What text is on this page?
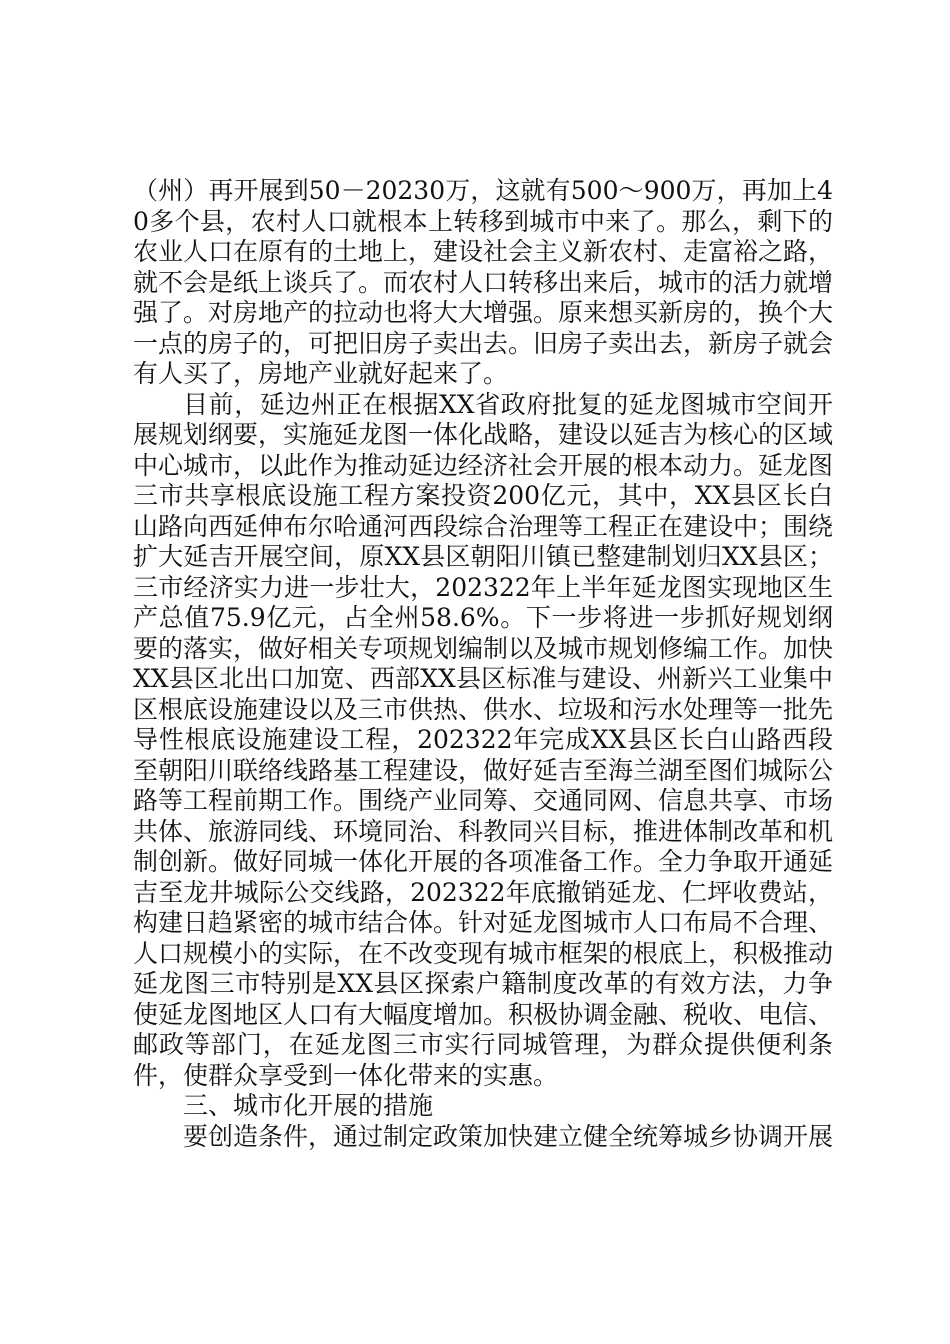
（州）再开展到50－20230万，这就有500～900万，再加上40多个县，农村人口就根本上转移到城市中来了。那么，剩下的农业人口在原有的土地上，建设社会主义新农村、走富裕之路，就不会是纸上谈兵了。而农村人口转移出来后，城市的活力就增强了。对房地产的拉动也将大大增强。原来想买新房的，换个大一点的房子的，可把旧房子卖出去。旧房子卖出去，新房子就会有人买了，房地产业就好起来了。

目前，延边州正在根据XX省政府批复的延龙图城市空间开展规划纲要，实施延龙图一体化战略，建设以延吉为核心的区域中心城市，以此作为推动延边经济社会开展的根本动力。延龙图三市共享根底设施工程方案投资200亿元，其中，XX县区长白山路向西延伸布尔哈通河西段综合治理等工程正在建设中；围绕扩大延吉开展空间，原XX县区朝阳川镇已整建制划归XX县区；三市经济实力进一步壮大，202322年上半年延龙图实现地区生产总值75.9亿元，占全州58.6%。下一步将进一步抓好规划纲要的落实，做好相关专项规划编制以及城市规划修编工作。加快XX县区北出口加宽、西部XX县区标准与建设、州新兴工业集中区根底设施建设以及三市供热、供水、垃圾和污水处理等一批先导性根底设施建设工程，202322年完成XX县区长白山路西段至朝阳川联络线路基工程建设，做好延吉至海兰湖至图们城际公路等工程前期工作。围绕产业同筹、交通同网、信息共享、市场共体、旅游同线、环境同治、科教同兴目标，推进体制改革和机制创新。做好同城一体化开展的各项准备工作。全力争取开通延吉至龙井城际公交线路，202322年底撤销延龙、仁坪收费站，构建日趋紧密的城市结合体。针对延龙图城市人口布局不合理、人口规模小的实际，在不改变现有城市框架的根底上，积极推动延龙图三市特别是XX县区探索户籍制度改革的有效方法，力争使延龙图地区人口有大幅度增加。积极协调金融、税收、电信、邮政等部门，在延龙图三市实行同城管理，为群众提供便利条件，使群众享受到一体化带来的实惠。

三、城市化开展的措施

要创造条件，通过制定政策加快建立健全统筹城乡协调开展
